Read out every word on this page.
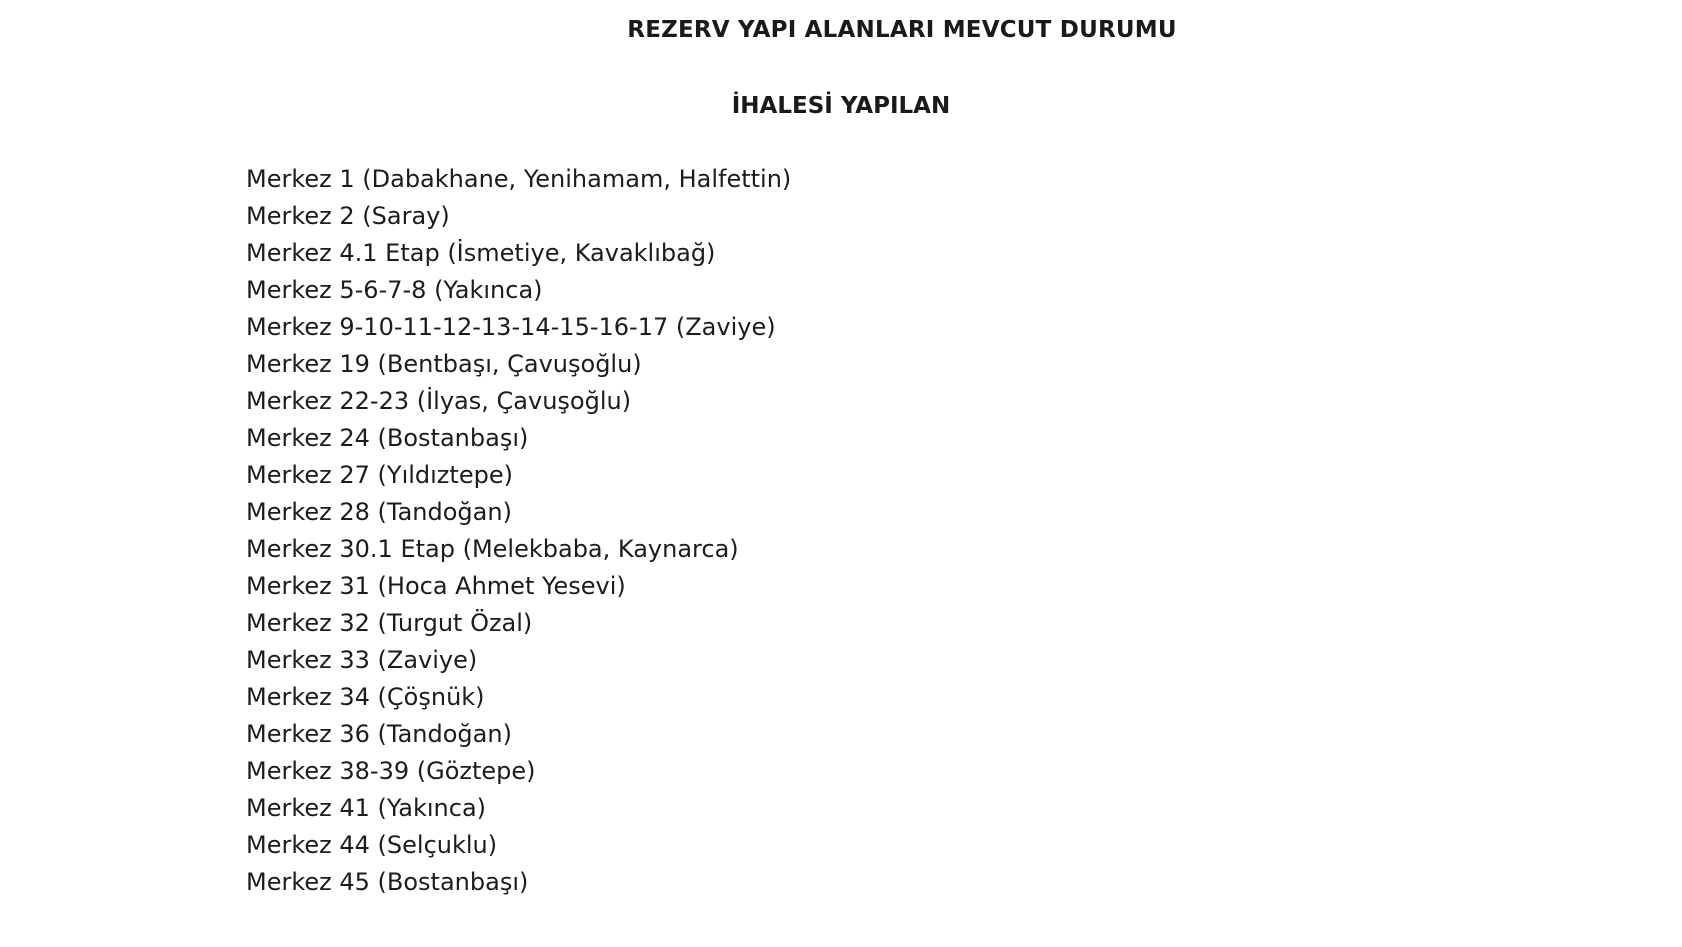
REZERV YAPI ALANLARI MEVCUT DURUMU
İHALESİ YAPILAN
Merkez 1 (Dabakhane, Yenihamam, Halfettin)
Merkez 2 (Saray)
Merkez 4.1 Etap (İsmetiye, Kavaklıbağ)
Merkez 5-6-7-8 (Yakınca)
Merkez 9-10-11-12-13-14-15-16-17 (Zaviye)
Merkez 19 (Bentbaşı, Çavuşoğlu)
Merkez 22-23 (İlyas, Çavuşoğlu)
Merkez 24 (Bostanbaşı)
Merkez 27 (Yıldıztepe)
Merkez 28 (Tandoğan)
Merkez 30.1 Etap (Melekbaba, Kaynarca)
Merkez 31 (Hoca Ahmet Yesevi)
Merkez 32 (Turgut Özal)
Merkez 33 (Zaviye)
Merkez 34 (Çöşnük)
Merkez 36 (Tandoğan)
Merkez 38-39 (Göztepe)
Merkez 41 (Yakınca)
Merkez 44 (Selçuklu)
Merkez 45 (Bostanbaşı)
